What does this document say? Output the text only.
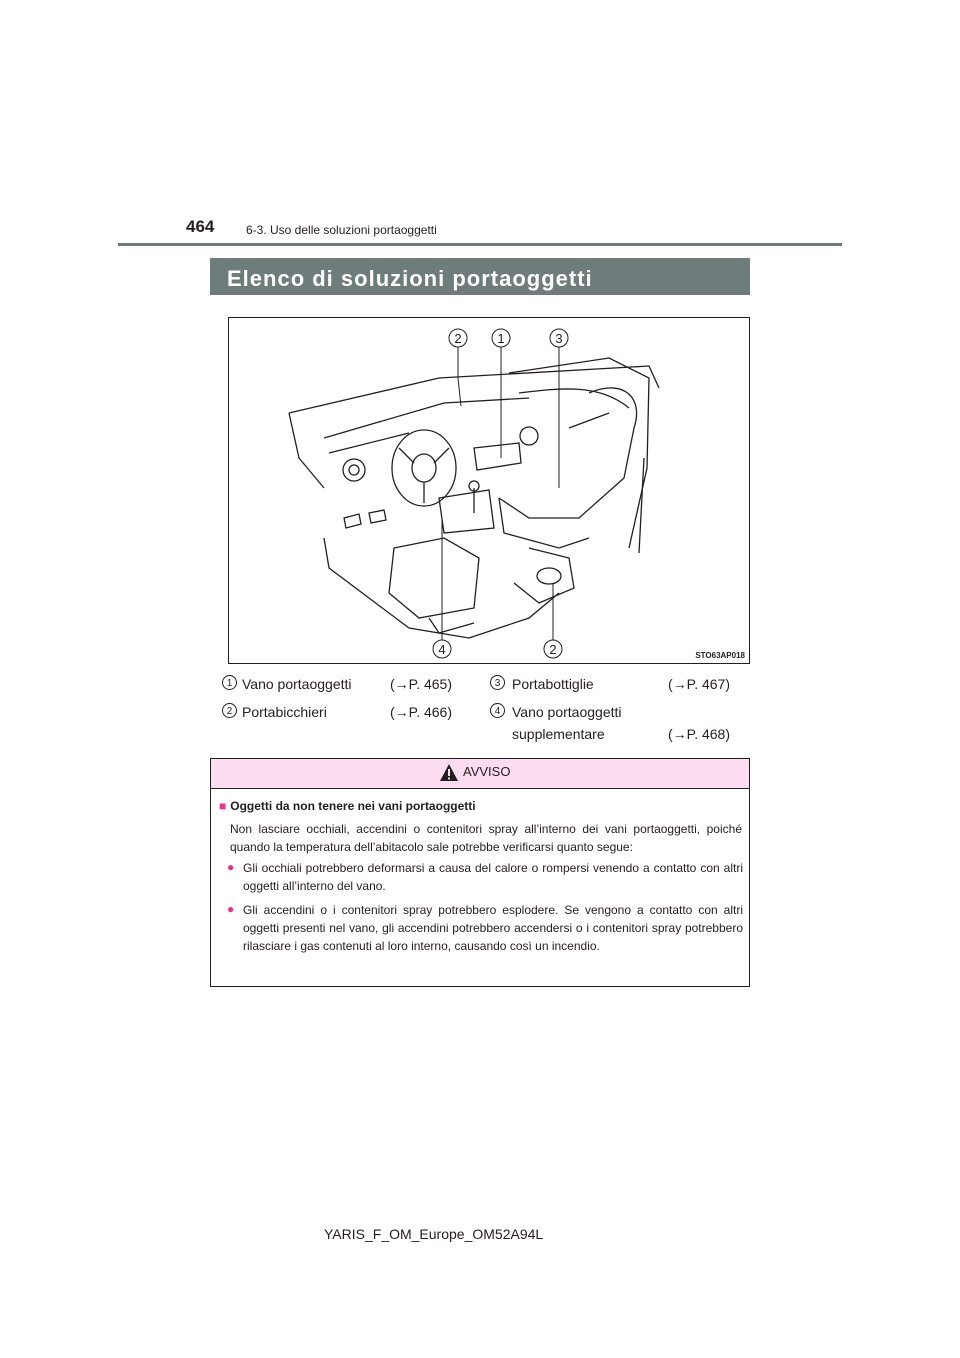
464	6-3. Uso delle soluzioni portaoggetti
Elenco di soluzioni portaoggetti
2	1	3
4	2	STO63AP018
1 Vano portaoggetti	(→P. 465)	3 Portabottiglie	(→P. 467)
2 Portabicchieri	(→P. 466)	4 Vano portaoggetti
supplementare	(→P. 468)
AVVISO
■ Oggetti da non tenere nei vani portaoggetti
Non lasciare occhiali, accendini o contenitori spray all’interno dei vani portaoggetti, poiché quando la temperatura dell’abitacolo sale potrebbe verificarsi quanto segue:
● Gli occhiali potrebbero deformarsi a causa del calore o rompersi venendo a contatto con altri oggetti all’interno del vano.
● Gli accendini o i contenitori spray potrebbero esplodere. Se vengono a contatto con altri oggetti presenti nel vano, gli accendini potrebbero accendersi o i contenitori spray potrebbero rilasciare i gas contenuti al loro interno, causando così un incendio.
YARIS_F_OM_Europe_OM52A94L
